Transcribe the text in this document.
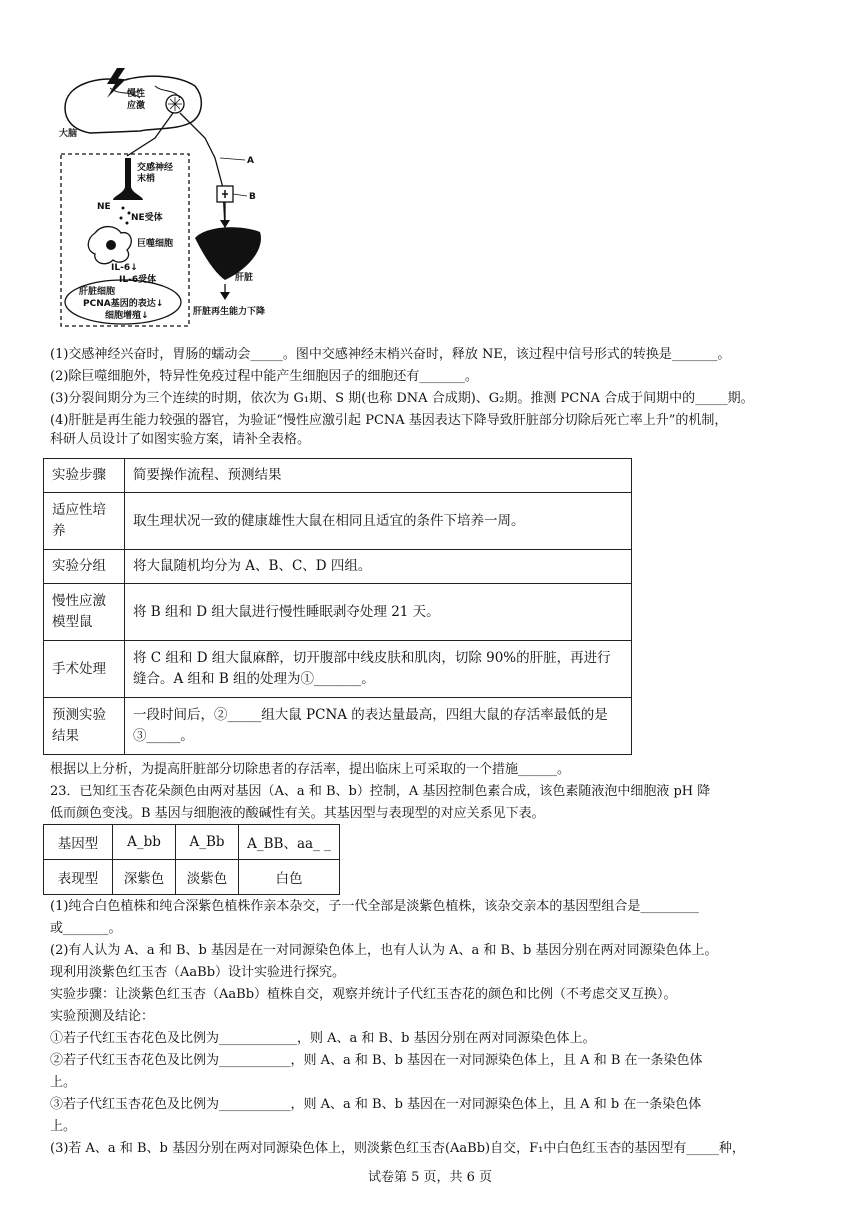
A
B
肝脏
肝脏再生能力下降
慢性
应激
大脑
交感神经
末梢
NE
NE受体
巨噬细胞
IL-6↓
IL-6受体
肝脏细胞
PCNA基因的表达↓
细胞增殖↓
(1)交感神经兴奋时，胃肠的蠕动会_____。图中交感神经末梢兴奋时，释放 NE，该过程中信号形式的转换是_______。
(2)除巨噬细胞外，特异性免疫过程中能产生细胞因子的细胞还有_______。
(3)分裂间期分为三个连续的时期，依次为 G₁期、S 期(也称 DNA 合成期)、G₂期。推测 PCNA 合成于间期中的_____期。
(4)肝脏是再生能力较强的器官，为验证“慢性应激引起 PCNA 基因表达下降导致肝脏部分切除后死亡率上升”的机制，
科研人员设计了如图实验方案，请补全表格。
实验步骤	简要操作流程、预测结果
适应性培养	取生理状况一致的健康雄性大鼠在相同且适宜的条件下培养一周。
实验分组	将大鼠随机均分为 A、B、C、D 四组。
慢性应激模型鼠	将 B 组和 D 组大鼠进行慢性睡眠剥夺处理 21 天。
手术处理	将 C 组和 D 组大鼠麻醉，切开腹部中线皮肤和肌肉，切除 90%的肝脏，再进行缝合。A 组和 B 组的处理为①_______。
预测实验结果	一段时间后，②_____组大鼠 PCNA 的表达量最高，四组大鼠的存活率最低的是③_____。
根据以上分析，为提高肝脏部分切除患者的存活率，提出临床上可采取的一个措施______。
23．已知红玉杏花朵颜色由两对基因（A、a 和 B、b）控制，A 基因控制色素合成，该色素随液泡中细胞液 pH 降
低而颜色变浅。B 基因与细胞液的酸碱性有关。其基因型与表现型的对应关系见下表。
基因型	A_bb	A_Bb	A_BB、aa_ _
表现型	深紫色	淡紫色	白色
(1)纯合白色植株和纯合深紫色植株作亲本杂交，子一代全部是淡紫色植株，该杂交亲本的基因型组合是_________
或_______。
(2)有人认为 A、a 和 B、b 基因是在一对同源染色体上，也有人认为 A、a 和 B、b 基因分别在两对同源染色体上。
现利用淡紫色红玉杏（AaBb）设计实验进行探究。
实验步骤：让淡紫色红玉杏（AaBb）植株自交，观察并统计子代红玉杏花的颜色和比例（不考虑交叉互换）。
实验预测及结论：
①若子代红玉杏花色及比例为____________，则 A、a 和 B、b 基因分别在两对同源染色体上。
②若子代红玉杏花色及比例为___________，则 A、a 和 B、b 基因在一对同源染色体上，且 A 和 B 在一条染色体
上。
③若子代红玉杏花色及比例为___________，则 A、a 和 B、b 基因在一对同源染色体上，且 A 和 b 在一条染色体
上。
(3)若 A、a 和 B、b 基因分别在两对同源染色体上，则淡紫色红玉杏(AaBb)自交，F₁中白色红玉杏的基因型有_____种，
试卷第 5 页，共 6 页
